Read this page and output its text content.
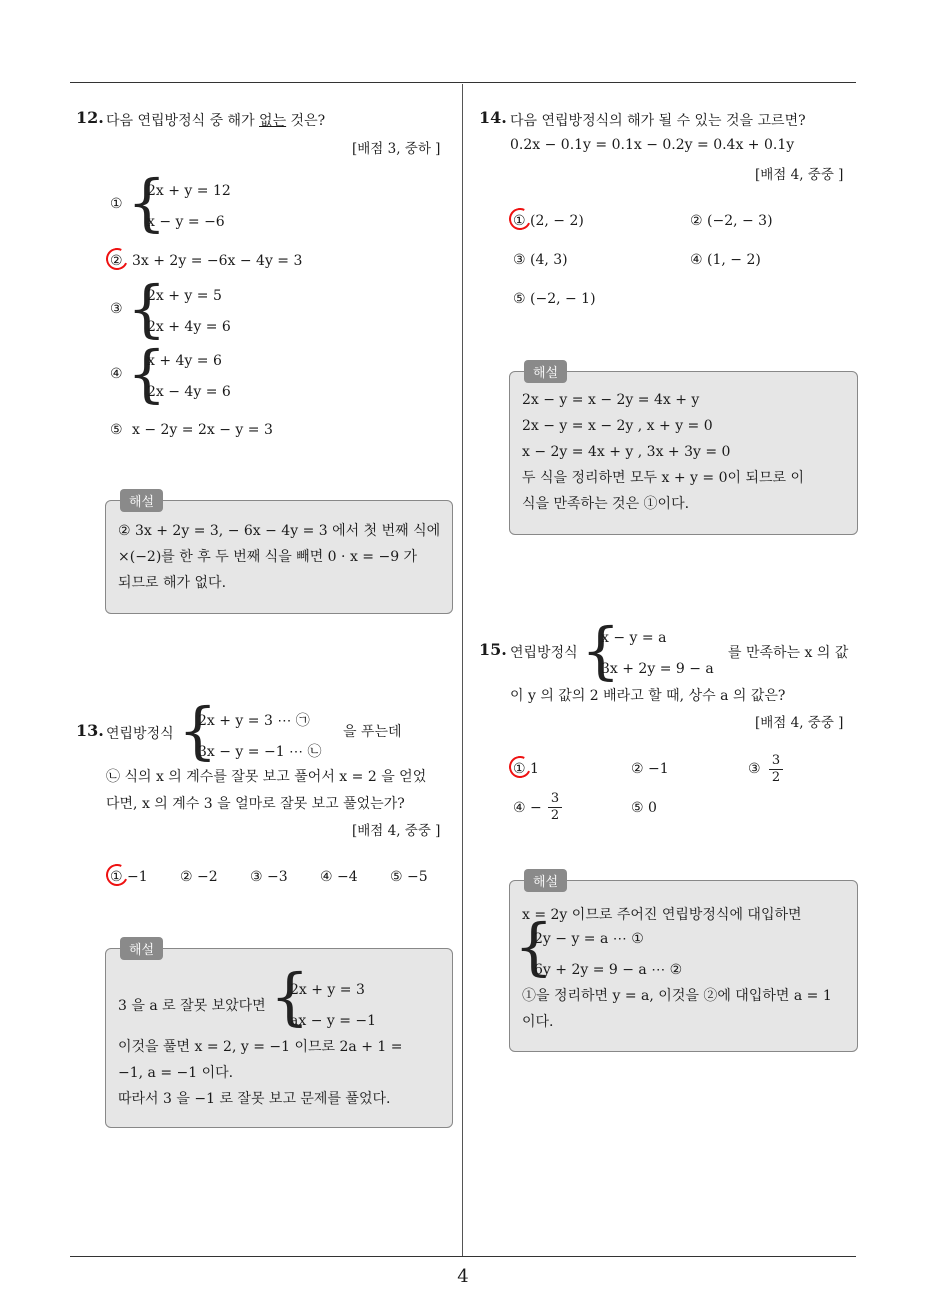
12. 다음 연립방정식 중 해가 없는 것은?
[배점 3, 중하 ]
① {
2x + y = 12
x − y = −6
② 3x + 2y = −6x − 4y = 3
③ {
2x + y = 5
2x + 4y = 6
④ {
x + 4y = 6
2x − 4y = 6
⑤ x − 2y = 2x − y = 3
해설
② 3x + 2y = 3, − 6x − 4y = 3 에서 첫 번째 식에
×(−2)를 한 후 두 번째 식을 빼면 0 · x = −9 가
되므로 해가 없다.
13. 연립방정식 {
2x + y = 3 ⋯ ㉠
3x − y = −1 ⋯ ㉡
을 푸는데
㉡ 식의 x 의 계수를 잘못 보고 풀어서 x = 2 을 얻었
다면, x 의 계수 3 을 얼마로 잘못 보고 풀었는가?
[배점 4, 중중 ]
① −1 ② −2 ③ −3 ④ −4 ⑤ −5
해설
3 을 a 로 잘못 보았다면 {
2x + y = 3
ax − y = −1
이것을 풀면 x = 2, y = −1 이므로 2a + 1 =
−1, a = −1 이다.
따라서 3 을 −1 로 잘못 보고 문제를 풀었다.
14. 다음 연립방정식의 해가 될 수 있는 것을 고르면?
0.2x − 0.1y = 0.1x − 0.2y = 0.4x + 0.1y
[배점 4, 중중 ]
① (2, − 2)	② (−2, − 3)
③ (4, 3)	④ (1, − 2)
⑤ (−2, − 1)
해설
2x − y = x − 2y = 4x + y
2x − y = x − 2y , x + y = 0
x − 2y = 4x + y , 3x + 3y = 0
두 식을 정리하면 모두 x + y = 0이 되므로 이
식을 만족하는 것은 ①이다.
15. 연립방정식 {
x − y = a
3x + 2y = 9 − a
를 만족하는 x 의 값
이 y 의 값의 2 배라고 할 때, 상수 a 의 값은?
[배점 4, 중중 ]
① 1	② −1	③ $\frac{3}{2}$
④ − $\frac{3}{2}$	⑤ 0
해설
x = 2y 이므로 주어진 연립방정식에 대입하면
{
2y − y = a ⋯ ①
6y + 2y = 9 − a ⋯ ②
①을 정리하면 y = a, 이것을 ②에 대입하면 a = 1
이다.
4
